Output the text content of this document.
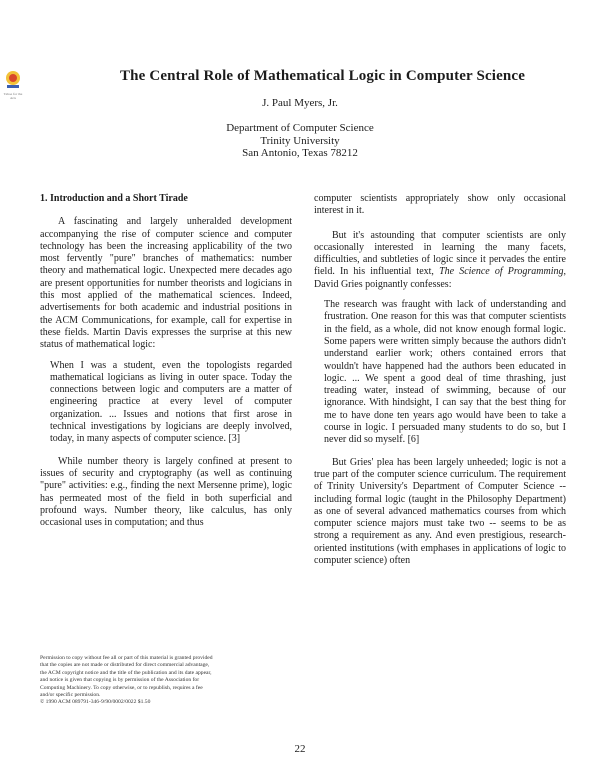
Tahoe for the Arts
The Central Role of Mathematical Logic in Computer Science
J. Paul Myers, Jr.
Department of Computer Science
Trinity University
San Antonio, Texas 78212
1. Introduction and a Short Tirade

A fascinating and largely unheralded development accompanying the rise of computer science and computer technology has been the increasing applicability of the two most fervently "pure" branches of mathematics: number theory and mathematical logic. Unexpected mere decades ago are present opportunities for number theorists and logicians in this most applied of the mathematical sciences. Indeed, advertisements for both academic and industrial positions in the ACM Communications, for example, call for expertise in these fields. Martin Davis expresses the surprise at this new status of mathematical logic:

When I was a student, even the topologists regarded mathematical logicians as living in outer space. Today the connections between logic and computers are a matter of engineering practice at every level of computer organization. ... Issues and notions that first arose in technical investigations by logicians are deeply involved, today, in many aspects of computer science. [3]

While number theory is largely confined at present to issues of security and cryptography (as well as continuing "pure" activities: e.g., finding the next Mersenne prime), logic has permeated most of the field in both superficial and profound ways. Number theory, like calculus, has only occasional uses in computation; and thus

computer scientists appropriately show only occasional interest in it.

But it's astounding that computer scientists are only occasionally interested in learning the many facets, difficulties, and subtleties of logic since it pervades the entire field. In his influential text, The Science of Programming, David Gries poignantly confesses:

The research was fraught with lack of understanding and frustration. One reason for this was that computer scientists in the field, as a whole, did not know enough formal logic. Some papers were written simply because the authors didn't understand earlier work; others contained errors that wouldn't have happened had the authors been educated in logic. ... We spent a good deal of time thrashing, just treading water, instead of swimming, because of our ignorance. With hindsight, I can say that the best thing for me to have done ten years ago would have been to take a course in logic. I persuaded many students to do so, but I never did so myself. [6]

But Gries' plea has been largely unheeded; logic is not a true part of the computer science curriculum. The requirement of Trinity University's Department of Computer Science -- including formal logic (taught in the Philosophy Department) as one of several advanced mathematics courses from which computer science majors must take two -- seems to be as strong a requirement as any. And even prestigious, research-oriented institutions (with emphases in applications of logic to computer science) often

Permission to copy without fee all or part of this material is granted provided
that the copies are not made or distributed for direct commercial advantage,
the ACM copyright notice and the title of the publication and its date appear,
and notice is given that copying is by permission of the Association for
Computing Machinery. To copy otherwise, or to republish, requires a fee
and/or specific permission.
© 1990 ACM 089791-346-9/90/0002/0022 $1.50
22
